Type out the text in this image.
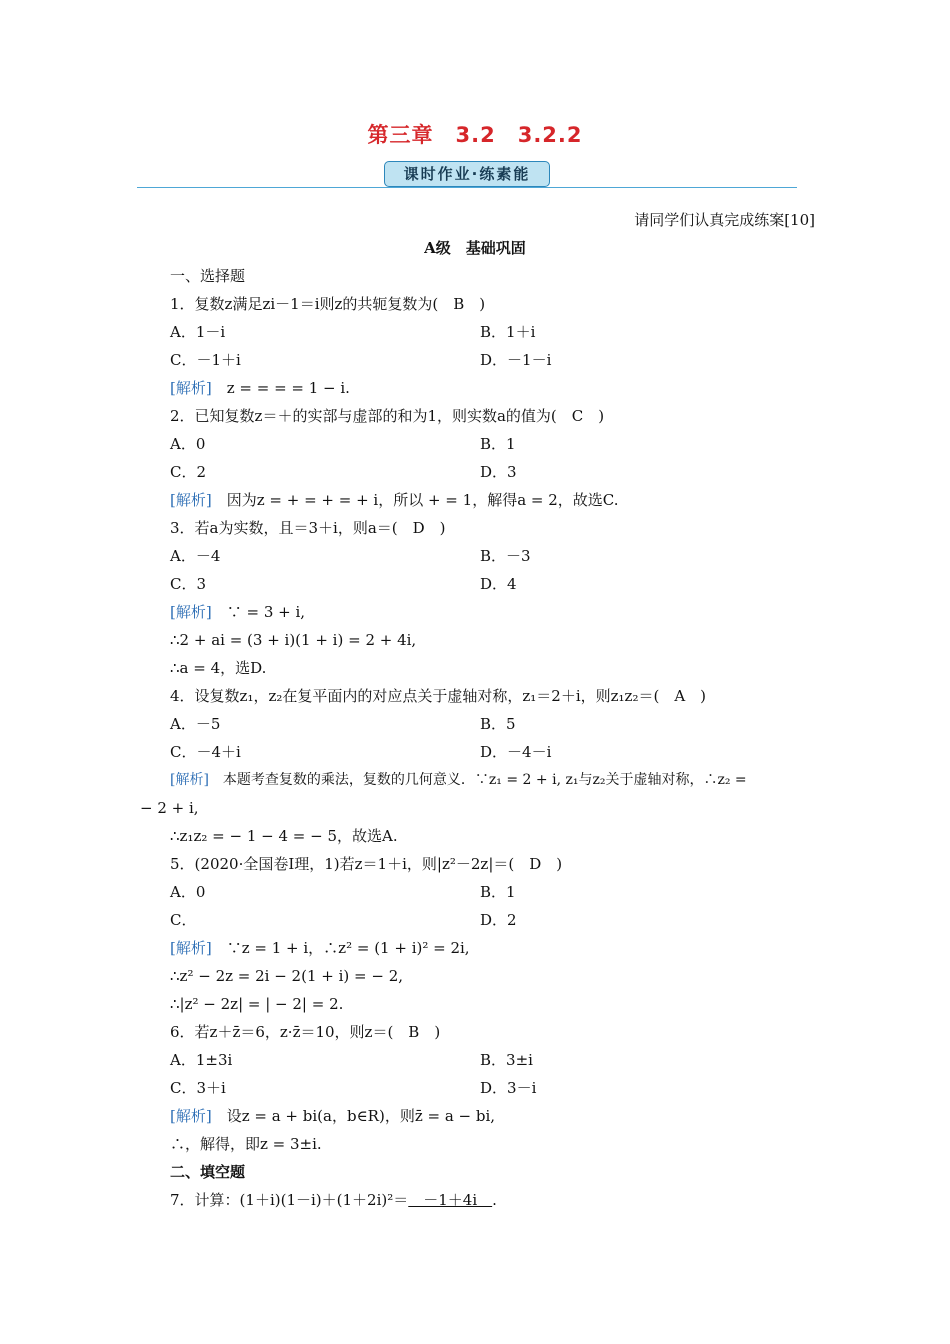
第三章　3.2　3.2.2
课时作业·练素能
请同学们认真完成练案[10]
A级　基础巩固
一、选择题
1．复数z满足zi－1＝i则z的共轭复数为(　B　)
A．1－i	B．1＋i
C．－1＋i	D．－1－i
[解析]　z = = = = 1 − i.
2．已知复数z＝＋的实部与虚部的和为1，则实数a的值为(　C　)
A．0	B．1
C．2	D．3
[解析]　因为z = + = + = + i，所以 + = 1，解得a = 2，故选C.
3．若a为实数，且＝3＋i，则a＝(　D　)
A．－4	B．－3
C．3	D．4
[解析]　∵ = 3 + i,
∴2 + ai = (3 + i)(1 + i) = 2 + 4i,
∴a = 4，选D.
4．设复数z₁，z₂在复平面内的对应点关于虚轴对称，z₁＝2＋i，则z₁z₂＝(　A　)
A．－5	B．5
C．－4＋i	D．－4－i
[解析]　本题考查复数的乘法，复数的几何意义．∵z₁ = 2 + i, z₁与z₂关于虚轴对称，∴z₂ =
− 2 + i,
∴z₁z₂ = − 1 − 4 = − 5，故选A.
5．(2020·全国卷Ⅰ理，1)若z＝1＋i，则|z²－2z|＝(　D　)
A．0	B．1
C．	D．2
[解析]　∵z = 1 + i，∴z² = (1 + i)² = 2i,
∴z² − 2z = 2i − 2(1 + i) = − 2,
∴|z² − 2z| = | − 2| = 2.
6．若z＋z̄＝6，z·z̄＝10，则z＝(　B　)
A．1±3i	B．3±i
C．3＋i	D．3－i
[解析]　设z = a + bi(a，b∈R)，则z̄ = a − bi,
∴，解得，即z = 3±i.
二、填空题
7．计算：(1＋i)(1－i)＋(1＋2i)²＝　－1＋4i　.
